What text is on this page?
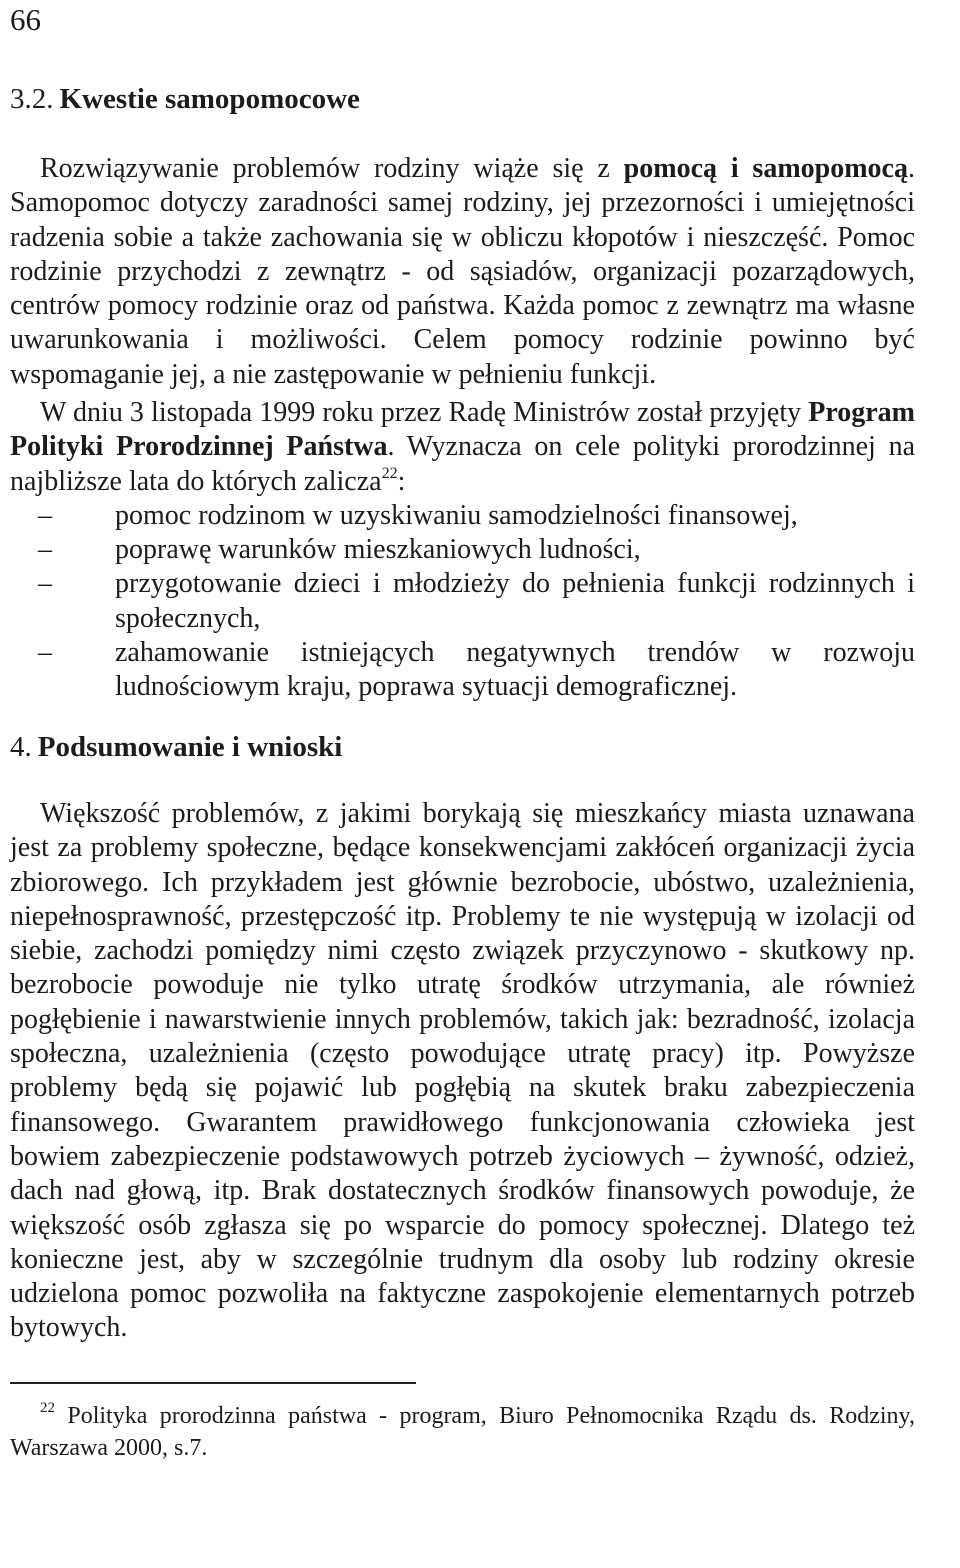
66
3.2. Kwestie samopomocowe

Rozwiązywanie problemów rodziny wiąże się z pomocą i samopomocą. Samopomoc dotyczy zaradności samej rodziny, jej przezorności i umiejętności radzenia sobie a także zachowania się w obliczu kłopotów i nieszczęść. Pomoc rodzinie przychodzi z zewnątrz - od sąsiadów, organizacji pozarządowych, centrów pomocy rodzinie oraz od państwa. Każda pomoc z zewnątrz ma własne uwarunkowania i możliwości. Celem pomocy rodzinie powinno być wspomaganie jej, a nie zastępowanie w pełnieniu funkcji.

W dniu 3 listopada 1999 roku przez Radę Ministrów został przyjęty Program Polityki Prorodzinnej Państwa. Wyznacza on cele polityki prorodzinnej na najbliższe lata do których zalicza$^{22}$:

– pomoc rodzinom w uzyskiwaniu samodzielności finansowej,
– poprawę warunków mieszkaniowych ludności,
– przygotowanie dzieci i młodzieży do pełnienia funkcji rodzinnych i społecznych,
– zahamowanie istniejących negatywnych trendów w rozwoju ludnościowym kraju, poprawa sytuacji demograficznej.
4. Podsumowanie i wnioski

Większość problemów, z jakimi borykają się mieszkańcy miasta uznawana jest za problemy społeczne, będące konsekwencjami zakłóceń organizacji życia zbiorowego. Ich przykładem jest głównie bezrobocie, ubóstwo, uzależnienia, niepełnosprawność, przestępczość itp. Problemy te nie występują w izolacji od siebie, zachodzi pomiędzy nimi często związek przyczynowo - skutkowy np. bezrobocie powoduje nie tylko utratę środków utrzymania, ale również pogłębienie i nawarstwienie innych problemów, takich jak: bezradność, izolacja społeczna, uzależnienia (często powodujące utratę pracy) itp. Powyższe problemy będą się pojawić lub pogłębią na skutek braku zabezpieczenia finansowego. Gwarantem prawidłowego funkcjonowania człowieka jest bowiem zabezpieczenie podstawowych potrzeb życiowych – żywność, odzież, dach nad głową, itp. Brak dostatecznych środków finansowych powoduje, że większość osób zgłasza się po wsparcie do pomocy społecznej. Dlatego też konieczne jest, aby w szczególnie trudnym dla osoby lub rodziny okresie udzielona pomoc pozwoliła na faktyczne zaspokojenie elementarnych potrzeb bytowych.

$^{22}$ Polityka prorodzinna państwa - program, Biuro Pełnomocnika Rządu ds. Rodziny, Warszawa 2000, s.7.
